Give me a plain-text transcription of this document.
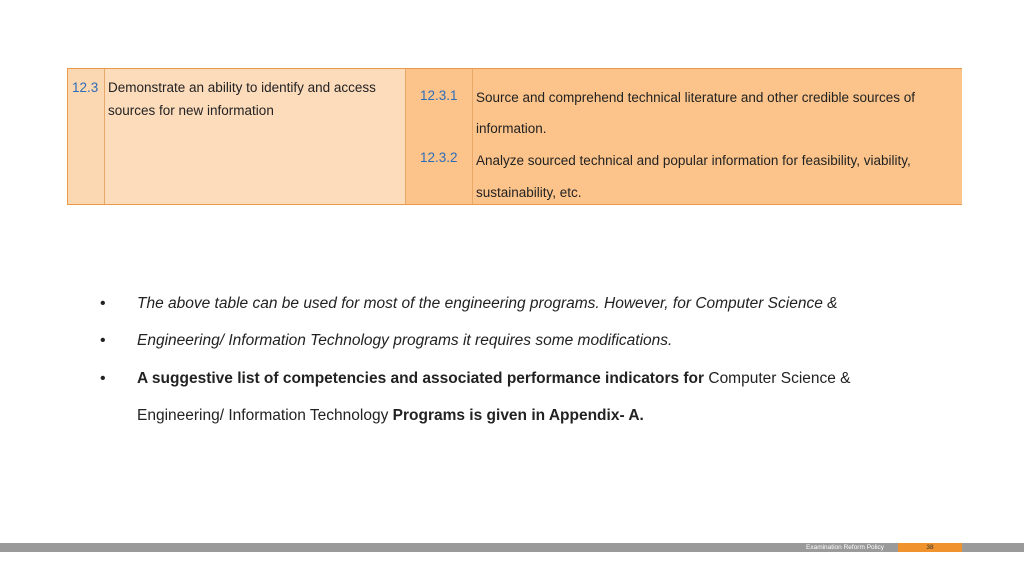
12.3 Demonstrate an ability to identify and access sources for new information
12.3.1
12.3.2
Source and comprehend technical literature and other credible sources of
information.
Analyze sourced technical and popular information for feasibility, viability,
sustainability, etc.
• The above table can be used for most of the engineering programs. However, for Computer Science &
• Engineering/ Information Technology programs it requires some modifications.
• A suggestive list of competencies and associated performance indicators for Computer Science &
Engineering/ Information Technology Programs is given in Appendix- A.
Examination Reform Policy	38
